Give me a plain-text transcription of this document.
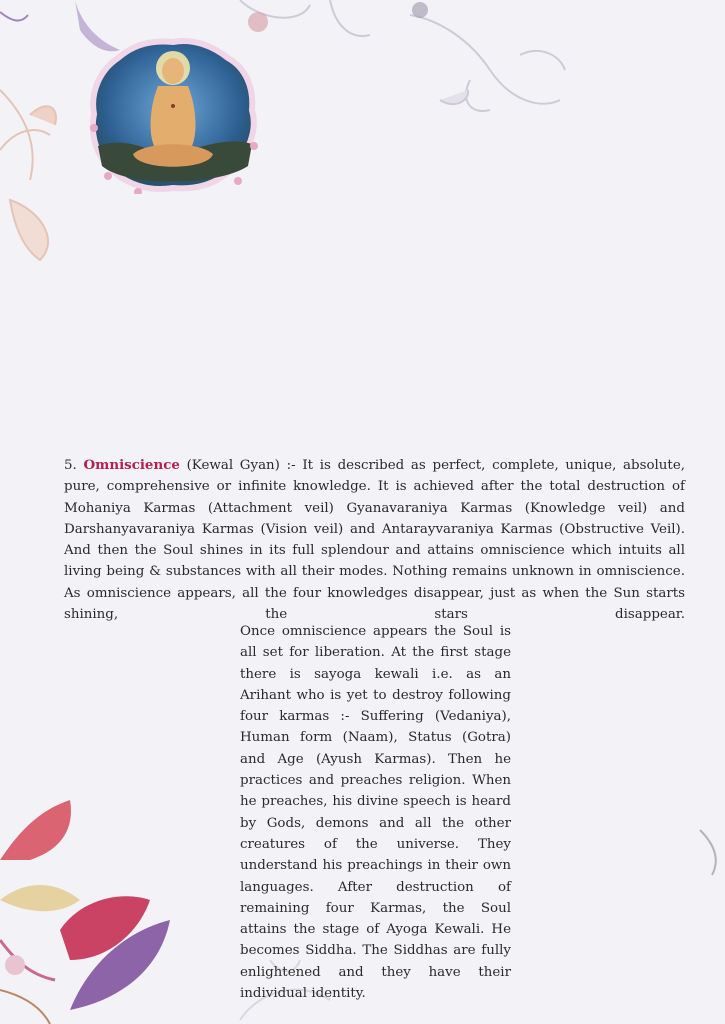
5. Omniscience (Kewal Gyan) :- It is described as perfect, complete, unique, absolute, pure, comprehensive or infinite knowledge. It is achieved after the total destruction of Mohaniya Karmas (Attachment veil) Gyanavaraniya Karmas (Knowledge veil) and Darshanyavaraniya Karmas (Vision veil) and Antarayvaraniya Karmas (Obstructive Veil). And then the Soul shines in its full splendour and attains omniscience which intuits all living being & substances with all their modes. Nothing remains unknown in omniscience. As omniscience appears, all the four knowledges disappear, just as when the Sun starts shining, the stars disappear.

Once omniscience appears the Soul is all set for liberation. At the first stage there is sayoga kewali i.e. as an Arihant who is yet to destroy following four karmas :- Suffering (Vedaniya), Human form (Naam), Status (Gotra) and Age (Ayush Karmas). Then he practices and preaches religion. When he preaches, his divine speech is heard by Gods, demons and all the other creatures of the universe. They understand his preachings in their own languages. After destruction of remaining four Karmas, the Soul attains the stage of Ayoga Kewali. He becomes Siddha. The Siddhas are fully enlightened and they have their individual identity.
